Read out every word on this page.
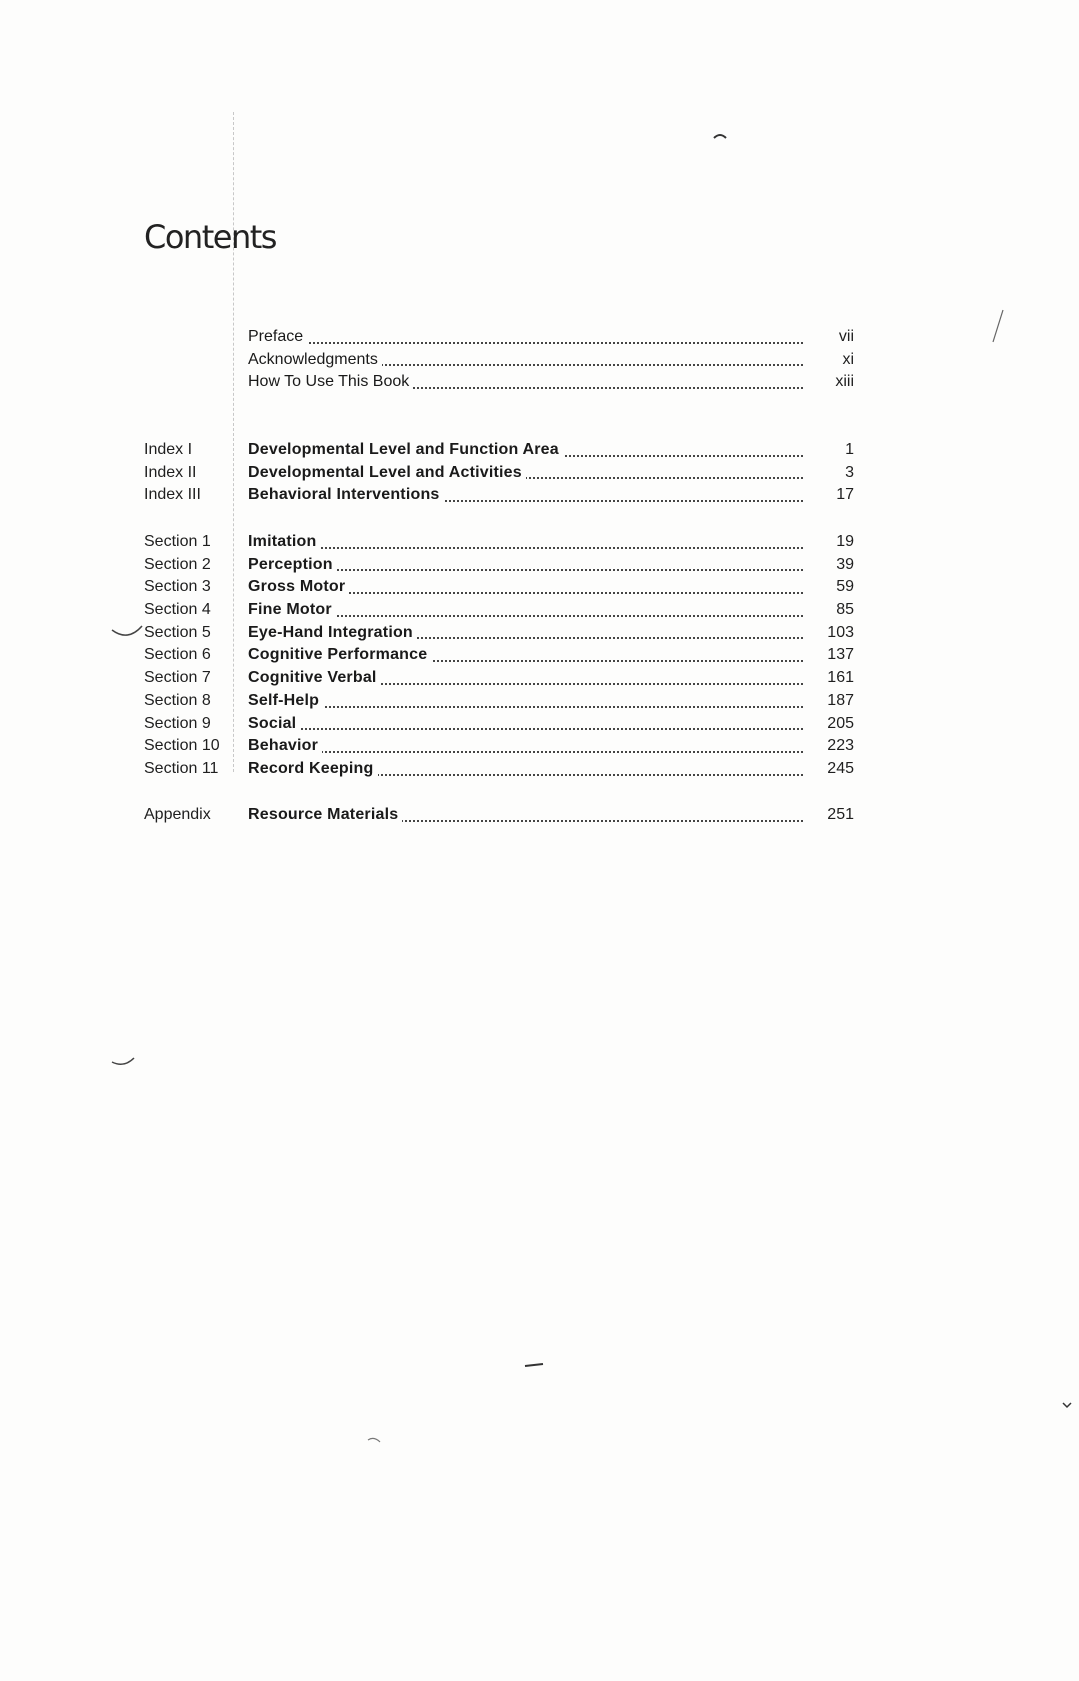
Contents
Preface	vii
Acknowledgments	xi
How To Use This Book	xiii
Index I	Developmental Level and Function Area	1
Index II	Developmental Level and Activities	3
Index III	Behavioral Interventions	17
Section 1	Imitation	19
Section 2	Perception	39
Section 3	Gross Motor	59
Section 4	Fine Motor	85
Section 5	Eye-Hand Integration	103
Section 6	Cognitive Performance	137
Section 7	Cognitive Verbal	161
Section 8	Self-Help	187
Section 9	Social	205
Section 10	Behavior	223
Section 11	Record Keeping	245
Appendix	Resource Materials	251
